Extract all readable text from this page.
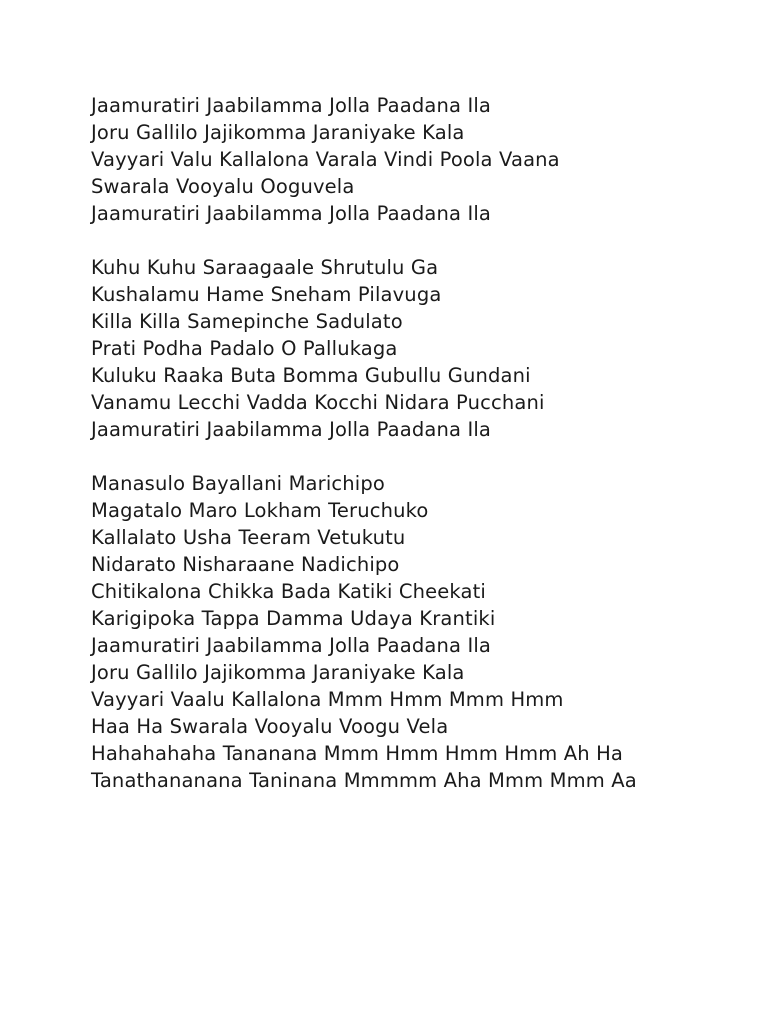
Jaamuratiri Jaabilamma Jolla Paadana Ila
Joru Gallilo Jajikomma Jaraniyake Kala
Vayyari Valu Kallalona Varala Vindi Poola Vaana
Swarala Vooyalu Ooguvela
Jaamuratiri Jaabilamma Jolla Paadana Ila
Kuhu Kuhu Saraagaale Shrutulu Ga
Kushalamu Hame Sneham Pilavuga
Killa Killa Samepinche Sadulato
Prati Podha Padalo O Pallukaga
Kuluku Raaka Buta Bomma Gubullu Gundani
Vanamu Lecchi Vadda Kocchi Nidara Pucchani
Jaamuratiri Jaabilamma Jolla Paadana Ila
Manasulo Bayallani Marichipo
Magatalo Maro Lokham Teruchuko
Kallalato Usha Teeram Vetukutu
Nidarato Nisharaane Nadichipo
Chitikalona Chikka Bada Katiki Cheekati
Karigipoka Tappa Damma Udaya Krantiki
Jaamuratiri Jaabilamma Jolla Paadana Ila
Joru Gallilo Jajikomma Jaraniyake Kala
Vayyari Vaalu Kallalona Mmm Hmm Mmm Hmm
Haa Ha Swarala Vooyalu Voogu Vela
Hahahahaha Tananana Mmm Hmm Hmm Hmm Ah Ha
Tanathananana Taninana Mmmmm Aha Mmm Mmm Aa
